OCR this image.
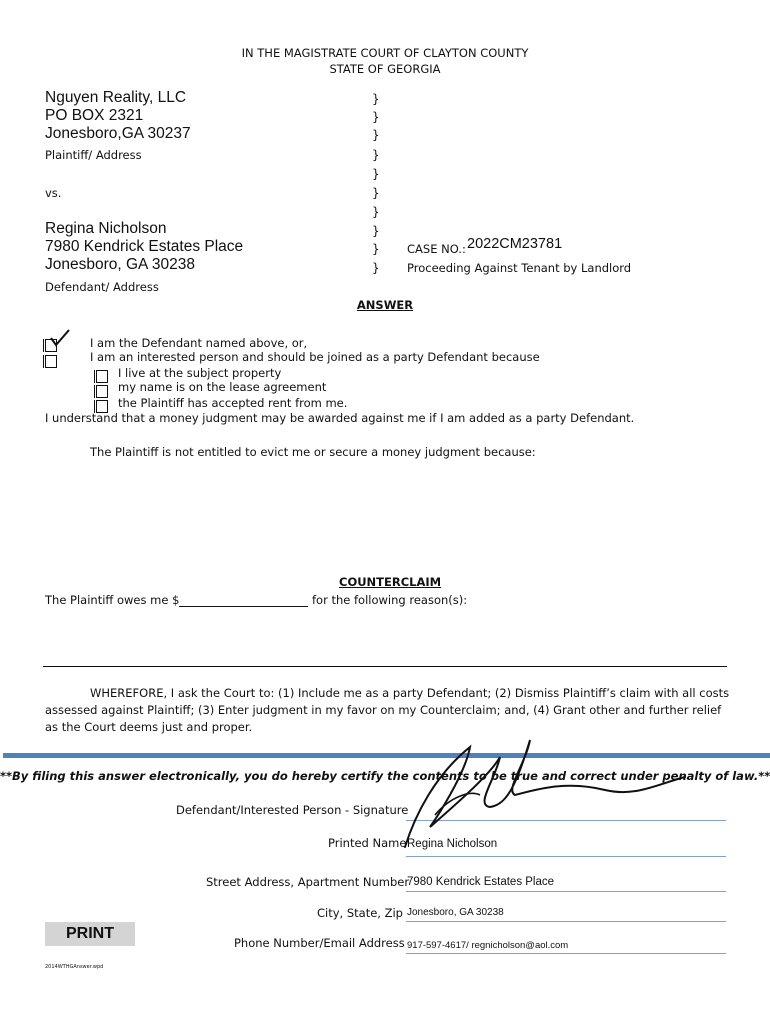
IN THE MAGISTRATE COURT OF CLAYTON COUNTY
STATE OF GEORGIA
Nguyen Reality, LLC
PO BOX 2321
Jonesboro,GA 30237
Plaintiff/ Address
vs.
Regina Nicholson
7980 Kendrick Estates Place
Jonesboro, GA 30238
Defendant/ Address
}
}
}
}
}
}
}
}
}
}
CASE NO.: 2022CM23781
Proceeding Against Tenant by Landlord
ANSWER
I am the Defendant named above, or,
I am an interested person and should be joined as a party Defendant because
I live at the subject property
my name is on the lease agreement
the Plaintiff has accepted rent from me.
I understand that a money judgment may be awarded against me if I am added as a party Defendant.
The Plaintiff is not entitled to evict me or secure a money judgment because:
COUNTERCLAIM
The Plaintiff owes me $	for the following reason(s):
WHEREFORE, I ask the Court to: (1) Include me as a party Defendant; (2) Dismiss Plaintiff’s claim with all costs
assessed against Plaintiff; (3) Enter judgment in my favor on my Counterclaim; and, (4) Grant other and further relief
as the Court deems just and proper.
**By filing this answer electronically, you do hereby certify the contents to be true and correct under penalty of law.**
Defendant/Interested Person - Signature
Printed Name Regina Nicholson
Street Address, Apartment Number
7980 Kendrick Estates Place
City, State, Zip Jonesboro, GA 30238
Phone Number/Email Address 917-597-4617/ regnicholson@aol.com
PRINT
2014WTHGAnswer.wpd
